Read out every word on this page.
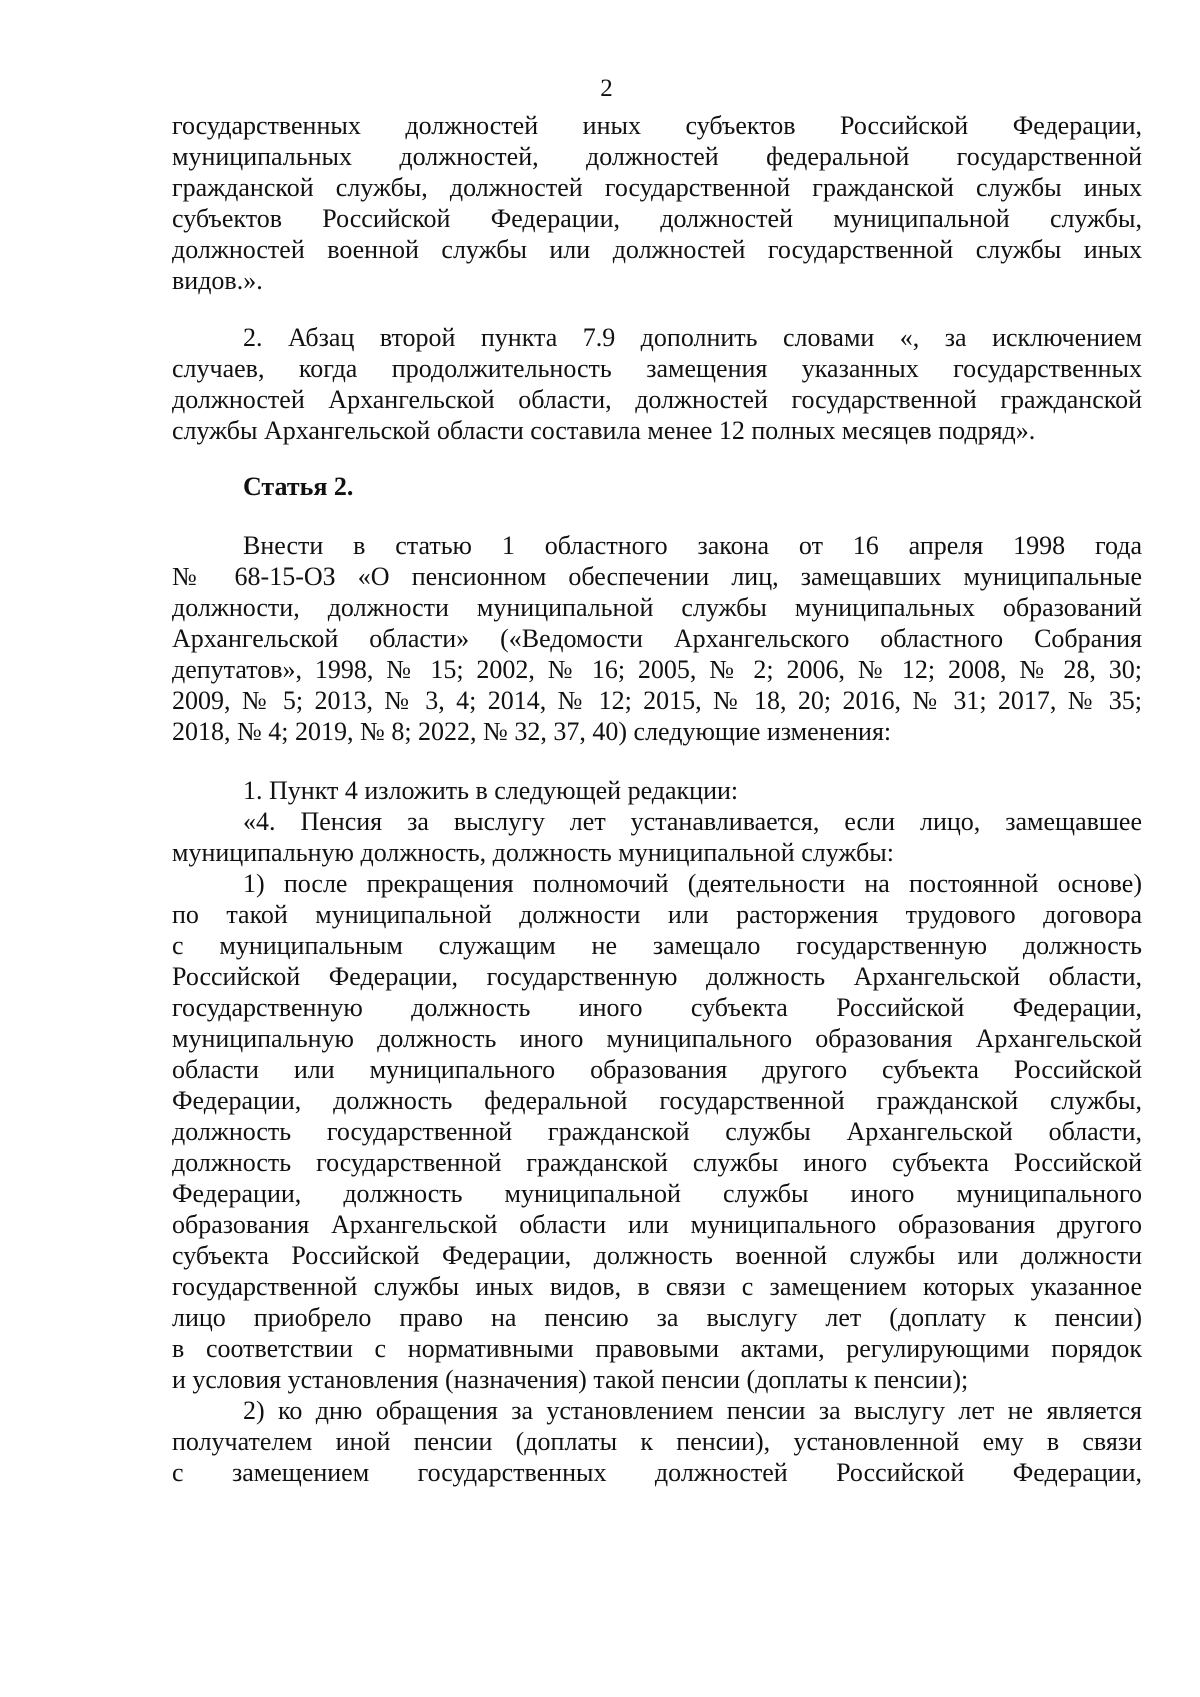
2
государственных должностей иных субъектов Российской Федерации,
муниципальных должностей, должностей федеральной государственной
гражданской службы, должностей государственной гражданской службы иных
субъектов Российской Федерации, должностей муниципальной службы,
должностей военной службы или должностей государственной службы иных
видов.».
2. Абзац второй пункта 7.9 дополнить словами «, за исключением
случаев, когда продолжительность замещения указанных государственных
должностей Архангельской области, должностей государственной гражданской
службы Архангельской области составила менее 12 полных месяцев подряд».
Статья 2.
Внести в статью 1 областного закона от 16 апреля 1998 года
№ 68-15-ОЗ «О пенсионном обеспечении лиц, замещавших муниципальные
должности, должности муниципальной службы муниципальных образований
Архангельской области» («Ведомости Архангельского областного Собрания
депутатов», 1998, № 15; 2002, № 16; 2005, № 2; 2006, № 12; 2008, № 28, 30;
2009, № 5; 2013, № 3, 4; 2014, № 12; 2015, № 18, 20; 2016, № 31; 2017, № 35;
2018, № 4; 2019, № 8; 2022, № 32, 37, 40) следующие изменения:
1. Пункт 4 изложить в следующей редакции:
«4. Пенсия за выслугу лет устанавливается, если лицо, замещавшее
муниципальную должность, должность муниципальной службы:
1) после прекращения полномочий (деятельности на постоянной основе)
по такой муниципальной должности или расторжения трудового договора
с муниципальным служащим не замещало государственную должность
Российской Федерации, государственную должность Архангельской области,
государственную должность иного субъекта Российской Федерации,
муниципальную должность иного муниципального образования Архангельской
области или муниципального образования другого субъекта Российской
Федерации, должность федеральной государственной гражданской службы,
должность государственной гражданской службы Архангельской области,
должность государственной гражданской службы иного субъекта Российской
Федерации, должность муниципальной службы иного муниципального
образования Архангельской области или муниципального образования другого
субъекта Российской Федерации, должность военной службы или должности
государственной службы иных видов, в связи с замещением которых указанное
лицо приобрело право на пенсию за выслугу лет (доплату к пенсии)
в соответствии с нормативными правовыми актами, регулирующими порядок
и условия установления (назначения) такой пенсии (доплаты к пенсии);
2) ко дню обращения за установлением пенсии за выслугу лет не является
получателем иной пенсии (доплаты к пенсии), установленной ему в связи
с замещением государственных должностей Российской Федерации,
